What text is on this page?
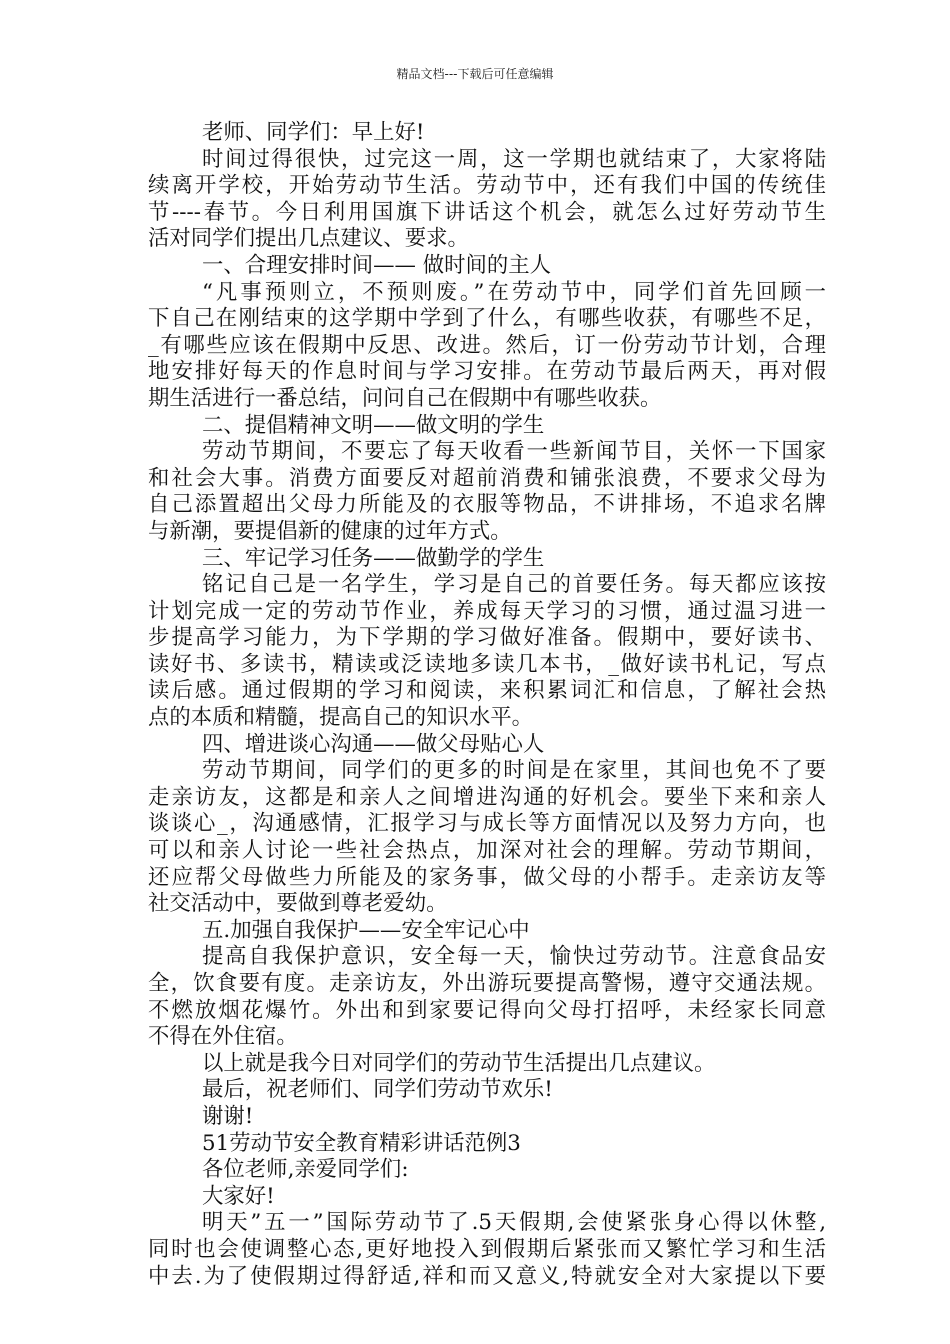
精品文档---下载后可任意编辑
老师、同学们：早上好!
时间过得很快，过完这一周，这一学期也就结束了，大家将陆
续离开学校，开始劳动节生活。劳动节中，还有我们中国的传统佳
节----春节。今日利用国旗下讲话这个机会，就怎么过好劳动节生
活对同学们提出几点建议、要求。
一、合理安排时间—— 做时间的主人
“凡事预则立，不预则废。”在劳动节中，同学们首先回顾一
下自己在刚结束的这学期中学到了什么，有哪些收获，有哪些不足，
_有哪些应该在假期中反思、改进。然后，订一份劳动节计划，合理
地安排好每天的作息时间与学习安排。在劳动节最后两天，再对假
期生活进行一番总结，问问自己在假期中有哪些收获。
二、提倡精神文明——做文明的学生
劳动节期间，不要忘了每天收看一些新闻节目，关怀一下国家
和社会大事。消费方面要反对超前消费和铺张浪费，不要求父母为
自己添置超出父母力所能及的衣服等物品，不讲排场，不追求名牌
与新潮，要提倡新的健康的过年方式。
三、牢记学习任务——做勤学的学生
铭记自己是一名学生，学习是自己的首要任务。每天都应该按
计划完成一定的劳动节作业，养成每天学习的习惯，通过温习进一
步提高学习能力，为下学期的学习做好准备。假期中，要好读书、
读好书、多读书，精读或泛读地多读几本书，_做好读书札记，写点
读后感。通过假期的学习和阅读，来积累词汇和信息，了解社会热
点的本质和精髓，提高自己的知识水平。
四、增进谈心沟通——做父母贴心人
劳动节期间，同学们的更多的时间是在家里，其间也免不了要
走亲访友，这都是和亲人之间增进沟通的好机会。要坐下来和亲人
谈谈心_，沟通感情，汇报学习与成长等方面情况以及努力方向，也
可以和亲人讨论一些社会热点，加深对社会的理解。劳动节期间，
还应帮父母做些力所能及的家务事，做父母的小帮手。走亲访友等
社交活动中，要做到尊老爱幼。
五.加强自我保护——安全牢记心中
提高自我保护意识，安全每一天，愉快过劳动节。注意食品安
全，饮食要有度。走亲访友，外出游玩要提高警惕，遵守交通法规。
不燃放烟花爆竹。外出和到家要记得向父母打招呼，未经家长同意
不得在外住宿。
以上就是我今日对同学们的劳动节生活提出几点建议。
最后，祝老师们、同学们劳动节欢乐!
谢谢!
51劳动节安全教育精彩讲话范例3
各位老师,亲爱同学们:
大家好!
明天”五一”国际劳动节了.5天假期,会使紧张身心得以休整,
同时也会使调整心态,更好地投入到假期后紧张而又繁忙学习和生活
中去.为了使假期过得舒适,祥和而又意义,特就安全对大家提以下要
